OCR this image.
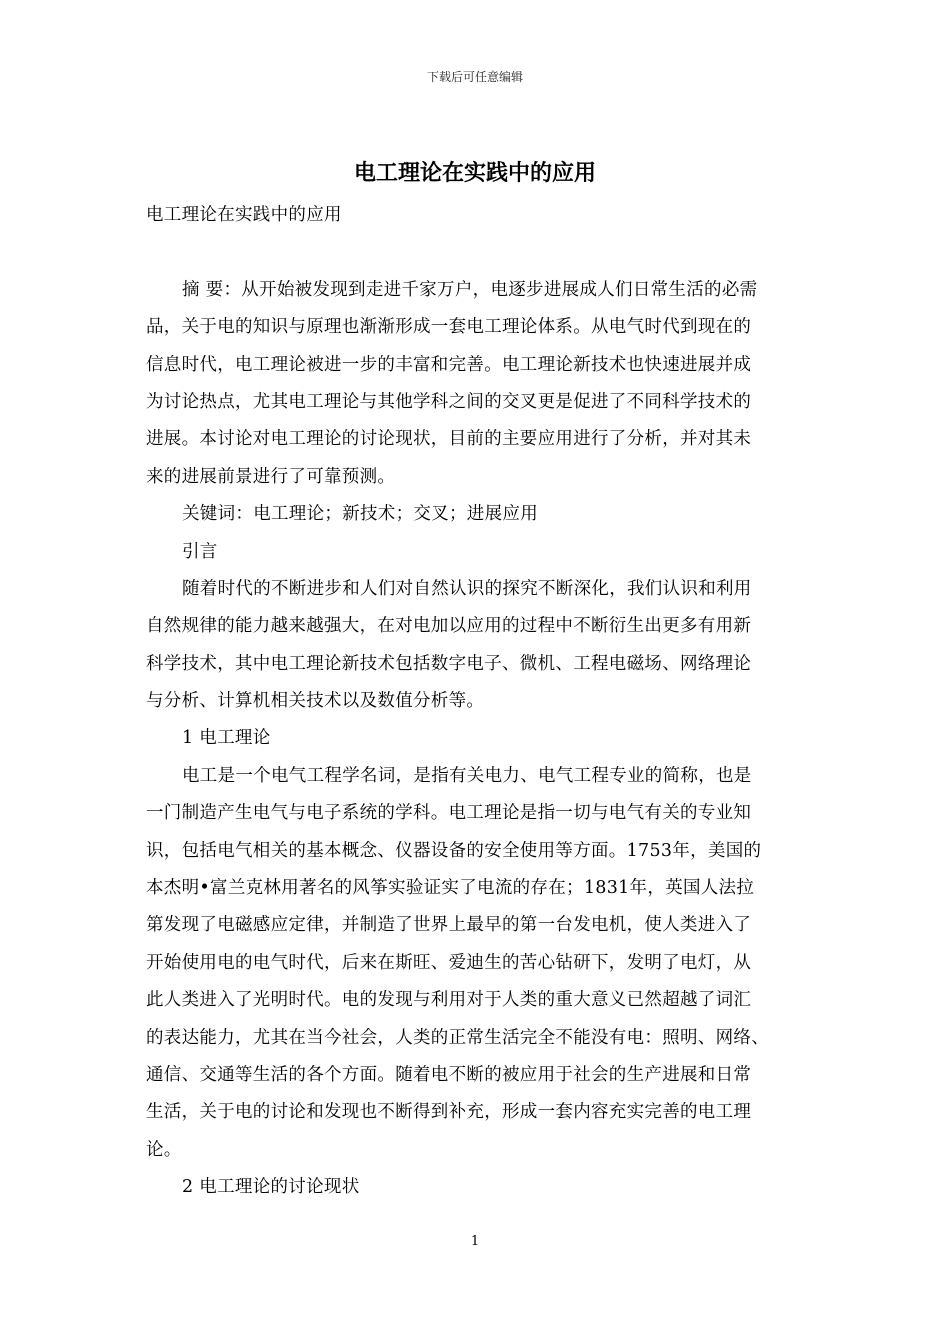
下载后可任意编辑
电工理论在实践中的应用
电工理论在实践中的应用
摘 要：从开始被发现到走进千家万户，电逐步进展成人们日常生活的必需
品，关于电的知识与原理也渐渐形成一套电工理论体系。从电气时代到现在的
信息时代，电工理论被进一步的丰富和完善。电工理论新技术也快速进展并成
为讨论热点，尤其电工理论与其他学科之间的交叉更是促进了不同科学技术的
进展。本讨论对电工理论的讨论现状，目前的主要应用进行了分析，并对其未
来的进展前景进行了可靠预测。
关键词：电工理论；新技术；交叉；进展应用
引言
随着时代的不断进步和人们对自然认识的探究不断深化，我们认识和利用
自然规律的能力越来越强大，在对电加以应用的过程中不断衍生出更多有用新
科学技术，其中电工理论新技术包括数字电子、微机、工程电磁场、网络理论
与分析、计算机相关技术以及数值分析等。
1 电工理论
电工是一个电气工程学名词，是指有关电力、电气工程专业的简称，也是
一门制造产生电气与电子系统的学科。电工理论是指一切与电气有关的专业知
识，包括电气相关的基本概念、仪器设备的安全使用等方面。1753年，美国的
本杰明•富兰克林用著名的风筝实验证实了电流的存在；1831年，英国人法拉
第发现了电磁感应定律，并制造了世界上最早的第一台发电机，使人类进入了
开始使用电的电气时代，后来在斯旺、爱迪生的苦心钻研下，发明了电灯，从
此人类进入了光明时代。电的发现与利用对于人类的重大意义已然超越了词汇
的表达能力，尤其在当今社会，人类的正常生活完全不能没有电：照明、网络、
通信、交通等生活的各个方面。随着电不断的被应用于社会的生产进展和日常
生活，关于电的讨论和发现也不断得到补充，形成一套内容充实完善的电工理
论。
2 电工理论的讨论现状
1
